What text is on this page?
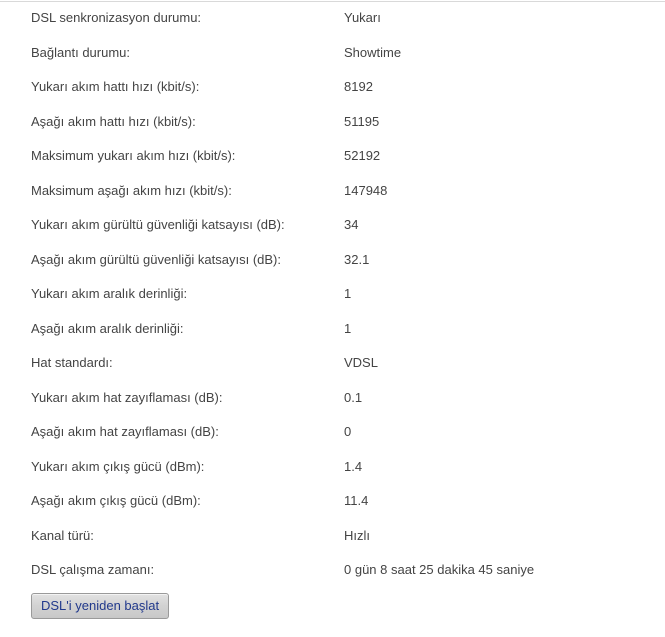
DSL senkronizasyon durumu:	Yukarı
Bağlantı durumu:	Showtime
Yukarı akım hattı hızı (kbit/s):	8192
Aşağı akım hattı hızı (kbit/s):	51195
Maksimum yukarı akım hızı (kbit/s):	52192
Maksimum aşağı akım hızı (kbit/s):	147948
Yukarı akım gürültü güvenliği katsayısı (dB):	34
Aşağı akım gürültü güvenliği katsayısı (dB):	32.1
Yukarı akım aralık derinliği:	1
Aşağı akım aralık derinliği:	1
Hat standardı:	VDSL
Yukarı akım hat zayıflaması (dB):	0.1
Aşağı akım hat zayıflaması (dB):	0
Yukarı akım çıkış gücü (dBm):	1.4
Aşağı akım çıkış gücü (dBm):	11.4
Kanal türü:	Hızlı
DSL çalışma zamanı:	0 gün 8 saat 25 dakika 45 saniye
DSL'i yeniden başlat
